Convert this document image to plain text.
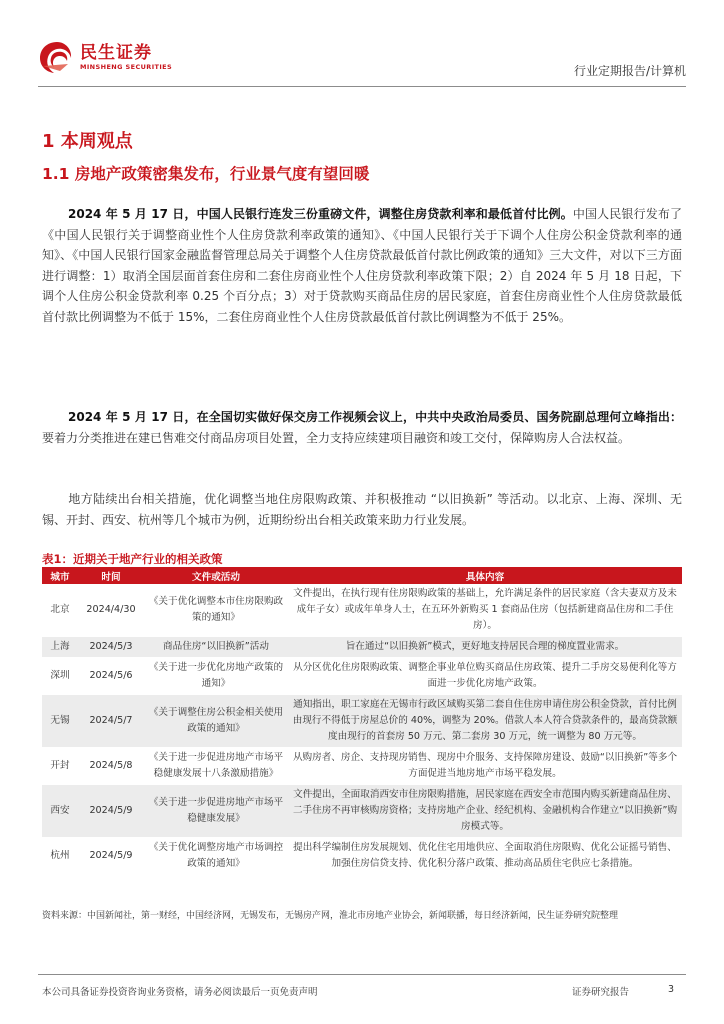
民生证券
MINSHENG SECURITIES	行业定期报告/计算机
1 本周观点
1.1 房地产政策密集发布，行业景气度有望回暖

2024 年 5 月 17 日，中国人民银行连发三份重磅文件，调整住房贷款利率和最低首付比例。中国人民银行发布了《中国人民银行关于调整商业性个人住房贷款利率政策的通知》、《中国人民银行关于下调个人住房公积金贷款利率的通知》、《中国人民银行国家金融监督管理总局关于调整个人住房贷款最低首付款比例政策的通知》三大文件，对以下三方面进行调整：1）取消全国层面首套住房和二套住房商业性个人住房贷款利率政策下限；2）自 2024 年 5 月 18 日起，下调个人住房公积金贷款利率 0.25 个百分点；3）对于贷款购买商品住房的居民家庭，首套住房商业性个人住房贷款最低首付款比例调整为不低于 15%，二套住房商业性个人住房贷款最低首付款比例调整为不低于 25%。

2024 年 5 月 17 日，在全国切实做好保交房工作视频会议上，中共中央政治局委员、国务院副总理何立峰指出：要着力分类推进在建已售难交付商品房项目处置，全力支持应续建项目融资和竣工交付，保障购房人合法权益。

地方陆续出台相关措施，优化调整当地住房限购政策、并积极推动 “以旧换新” 等活动。以北京、上海、深圳、无锡、开封、西安、杭州等几个城市为例，近期纷纷出台相关政策来助力行业发展。

表1：近期关于地产行业的相关政策
城市	时间	文件或活动	具体内容
北京	2024/4/30	《关于优化调整本市住房限购政策的通知》	文件提出，在执行现有住房限购政策的基础上，允许满足条件的居民家庭（含夫妻双方及未成年子女）或成年单身人士，在五环外新购买 1 套商品住房（包括新建商品住房和二手住房）。
上海	2024/5/3	商品住房“以旧换新”活动	旨在通过“以旧换新”模式，更好地支持居民合理的梯度置业需求。
深圳	2024/5/6	《关于进一步优化房地产政策的通知》	从分区优化住房限购政策、调整企事业单位购买商品住房政策、提升二手房交易便利化等方面进一步优化房地产政策。
无锡	2024/5/7	《关于调整住房公积金相关使用政策的通知》	通知指出，职工家庭在无锡市行政区域购买第二套自住住房申请住房公积金贷款，首付比例由现行不得低于房屋总价的 40%，调整为 20%。借款人本人符合贷款条件的，最高贷款额度由现行的首套房 50 万元、第二套房 30 万元，统一调整为 80 万元等。
开封	2024/5/8	《关于进一步促进房地产市场平稳健康发展十八条激励措施》	从购房者、房企、支持现房销售、现房中介服务、支持保障房建设、鼓励“以旧换新”等多个方面促进当地房地产市场平稳发展。
西安	2024/5/9	《关于进一步促进房地产市场平稳健康发展》	文件提出，全面取消西安市住房限购措施，居民家庭在西安全市范围内购买新建商品住房、二手住房不再审核购房资格；支持房地产企业、经纪机构、金融机构合作建立“以旧换新”购房模式等。
杭州	2024/5/9	《关于优化调整房地产市场调控政策的通知》	提出科学编制住房发展规划、优化住宅用地供应、全面取消住房限购、优化公证摇号销售、加强住房信贷支持、优化积分落户政策、推动高品质住宅供应七条措施。
资料来源：中国新闻社，第一财经，中国经济网，无锡发布，无锡房产网，淮北市房地产业协会，新闻联播，每日经济新闻，民生证券研究院整理
本公司具备证券投资咨询业务资格，请务必阅读最后一页免责声明	证券研究报告	3
